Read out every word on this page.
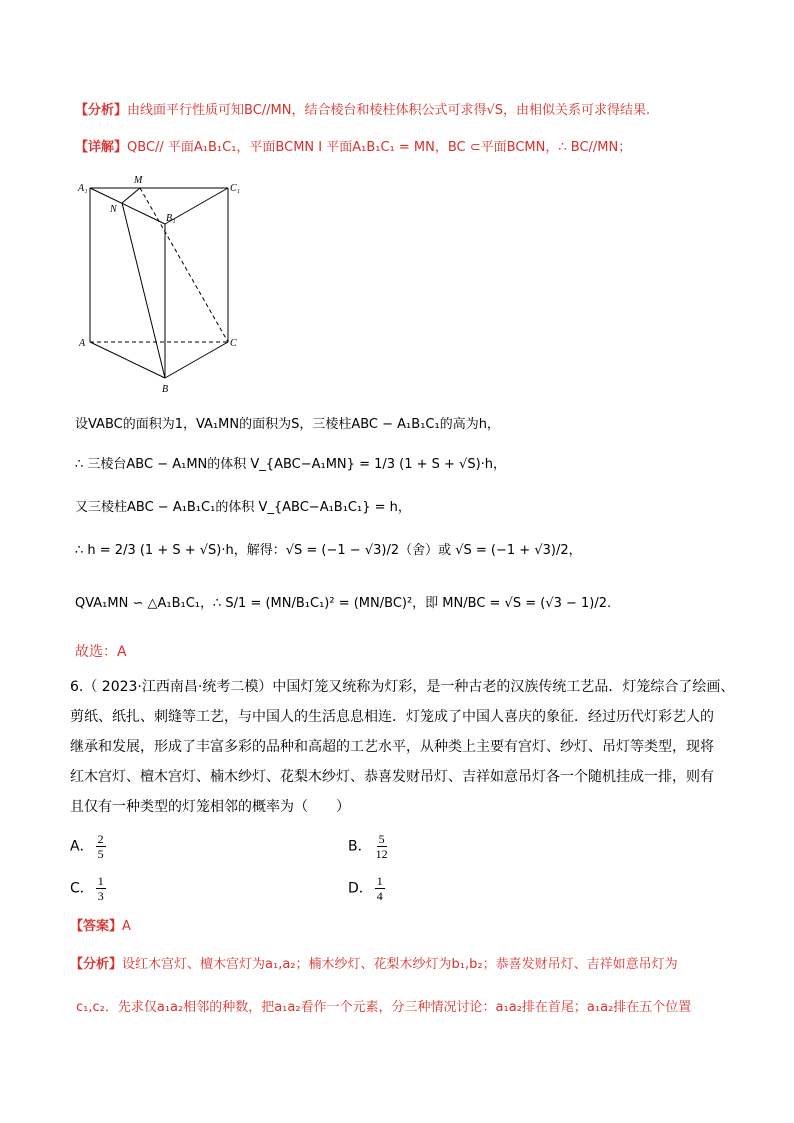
【分析】由线面平行性质可知BC//MN，结合棱台和棱柱体积公式可求得√S，由相似关系可求得结果.
【详解】QBC// 平面A₁B₁C₁，平面BCMN I 平面A₁B₁C₁ = MN，BC ⊂平面BCMN，∴ BC//MN；
A₁
M
C₁
N
B₁
A	C
B
设VABC的面积为1，VA₁MN的面积为S，三棱柱ABC − A₁B₁C₁的高为h，
∴ 三棱台ABC − A₁MN的体积 V_{ABC−A₁MN} = 1/3 (1 + S + √S)·h，
又三棱柱ABC − A₁B₁C₁的体积 V_{ABC−A₁B₁C₁} = h，
∴ h = 2/3 (1 + S + √S)·h，解得：√S = (−1 − √3)/2（舍）或 √S = (−1 + √3)/2，
QVA₁MN ∽ △A₁B₁C₁，∴ S/1 = (MN/B₁C₁)² = (MN/BC)²，即 MN/BC = √S = (√3 − 1)/2.
故选：A
6.（ 2023·江西南昌·统考二模）中国灯笼又统称为灯彩，是一种古老的汉族传统工艺品．灯笼综合了绘画、
剪纸、纸扎、刺缝等工艺，与中国人的生活息息相连．灯笼成了中国人喜庆的象征．经过历代灯彩艺人的
继承和发展，形成了丰富多彩的品种和高超的工艺水平，从种类上主要有宫灯、纱灯、吊灯等类型，现将
红木宫灯、檀木宫灯、楠木纱灯、花梨木纱灯、恭喜发财吊灯、吉祥如意吊灯各一个随机挂成一排，则有
且仅有一种类型的灯笼相邻的概率为（　　）
A． $\frac{2}{5}$	B． $\frac{5}{12}$
C． $\frac{1}{3}$	D． $\frac{1}{4}$
【答案】A
【分析】设红木宫灯、檀木宫灯为a₁,a₂；楠木纱灯、花梨木纱灯为b₁,b₂；恭喜发财吊灯、吉祥如意吊灯为
c₁,c₂．先求仅a₁a₂相邻的种数，把a₁a₂看作一个元素，分三种情况讨论：a₁a₂排在首尾；a₁a₂排在五个位置
